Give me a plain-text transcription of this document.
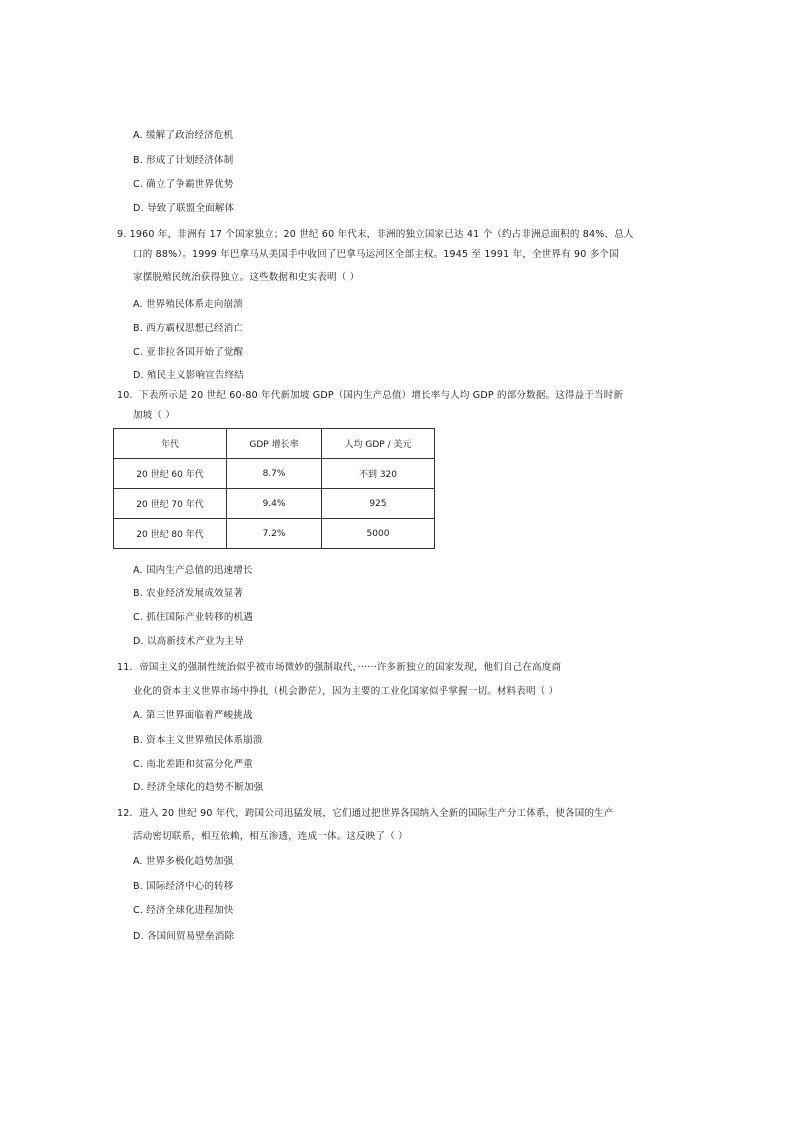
A. 缓解了政治经济危机
B. 形成了计划经济体制
C. 确立了争霸世界优势
D. 导致了联盟全面解体
9. 1960 年，非洲有 17 个国家独立；20 世纪 60 年代末，非洲的独立国家已达 41 个（约占非洲总面积的 84%、总人
口的 88%）。1999 年巴拿马从美国手中收回了巴拿马运河区全部主权。1945 至 1991 年，全世界有 90 多个国
家摆脱殖民统治获得独立。这些数据和史实表明（ ）
A. 世界殖民体系走向崩溃
B. 西方霸权思想已经消亡
C. 亚非拉各国开始了觉醒
D. 殖民主义影响宣告终结
10．下表所示是 20 世纪 60-80 年代新加坡 GDP（国内生产总值）增长率与人均 GDP 的部分数据。这得益于当时新
加坡（ ）
年代	GDP 增长率	人均 GDP / 美元
20 世纪 60 年代	8.7%	不到 320
20 世纪 70 年代	9.4%	925
20 世纪 80 年代	7.2%	5000
A. 国内生产总值的迅速增长
B. 农业经济发展成效显著
C. 抓住国际产业转移的机遇
D. 以高新技术产业为主导
11．帝国主义的强制性统治似乎被市场微妙的强制取代，······许多新独立的国家发现，他们自己在高度商
业化的资本主义世界市场中挣扎（机会渺茫），因为主要的工业化国家似乎掌握一切。材料表明（ ）
A. 第三世界面临着严峻挑战
B. 资本主义世界殖民体系崩溃
C. 南北差距和贫富分化严重
D. 经济全球化的趋势不断加强
12．进入 20 世纪 90 年代，跨国公司迅猛发展，它们通过把世界各国纳入全新的国际生产分工体系，使各国的生产
活动密切联系，相互依赖，相互渗透，连成一体。这反映了（ ）
A. 世界多极化趋势加强
B. 国际经济中心的转移
C. 经济全球化进程加快
D. 各国间贸易壁垒消除
